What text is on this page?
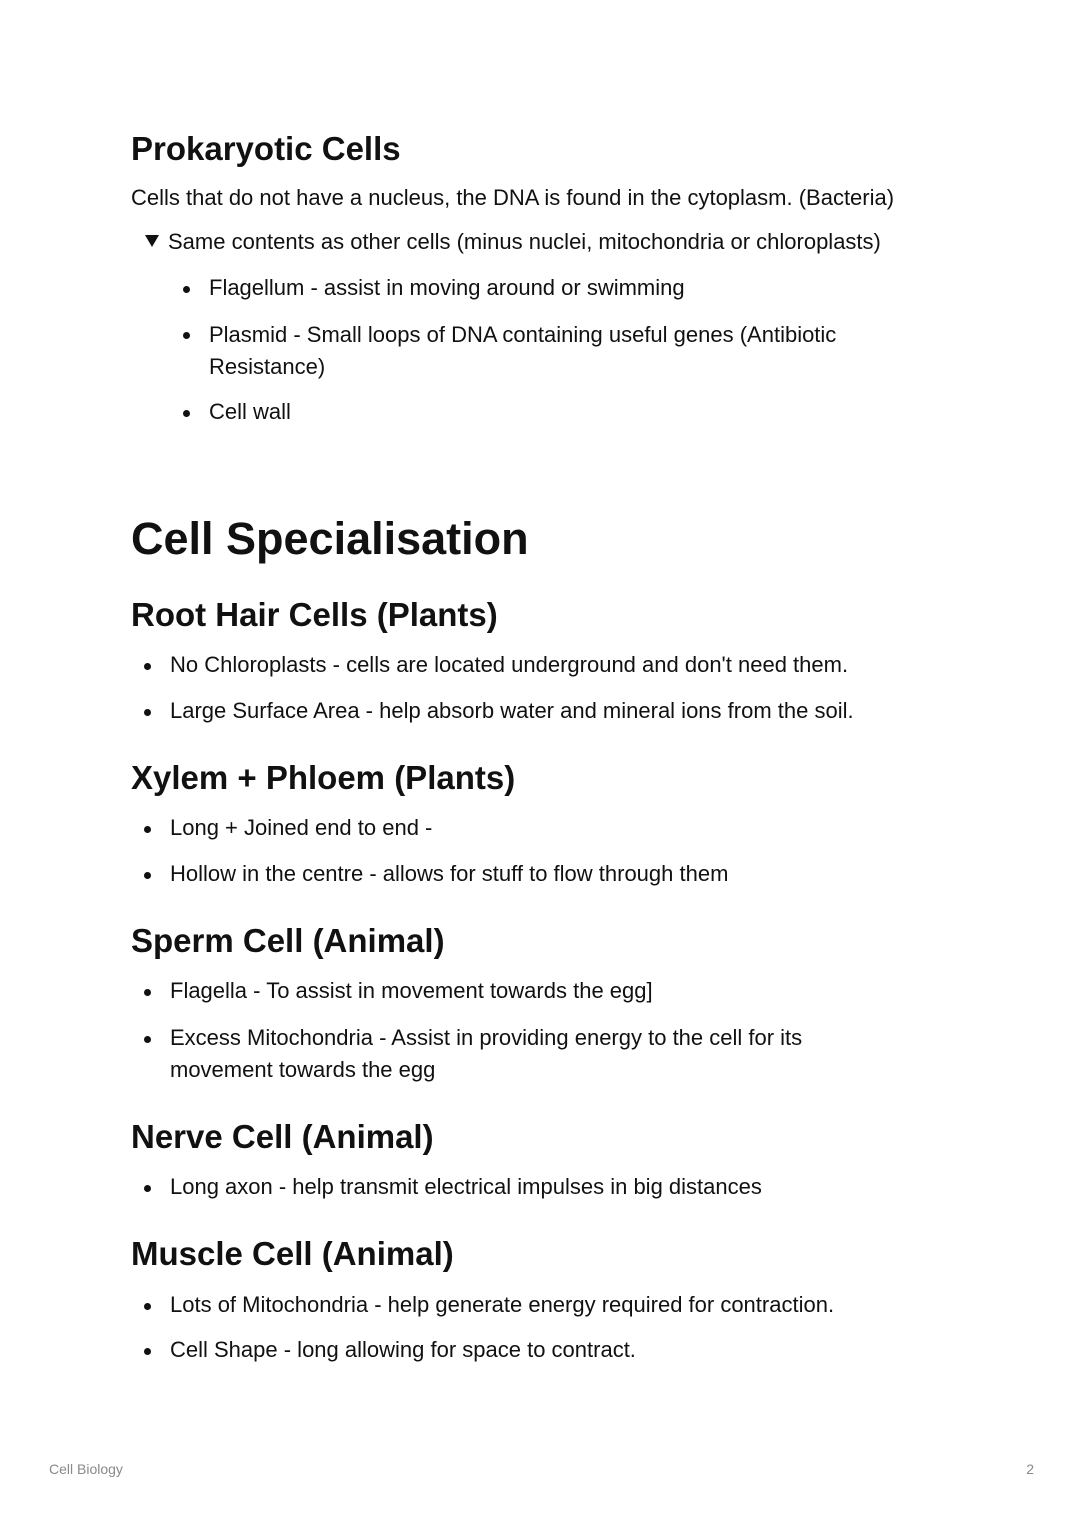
Prokaryotic Cells

Cells that do not have a nucleus, the DNA is found in the cytoplasm. (Bacteria)

Same contents as other cells (minus nuclei, mitochondria or chloroplasts)
Flagellum - assist in moving around or swimming
Plasmid - Small loops of DNA containing useful genes (Antibiotic
Resistance)
Cell wall
Cell Specialisation
Root Hair Cells (Plants)
No Chloroplasts - cells are located underground and don't need them.
Large Surface Area - help absorb water and mineral ions from the soil.
Xylem + Phloem (Plants)
Long + Joined end to end -
Hollow in the centre - allows for stuff to flow through them
Sperm Cell (Animal)
Flagella - To assist in movement towards the egg]
Excess Mitochondria - Assist in providing energy to the cell for its
movement towards the egg
Nerve Cell (Animal)
Long axon - help transmit electrical impulses in big distances
Muscle Cell (Animal)
Lots of Mitochondria - help generate energy required for contraction.
Cell Shape - long allowing for space to contract.
Cell Biology	2
